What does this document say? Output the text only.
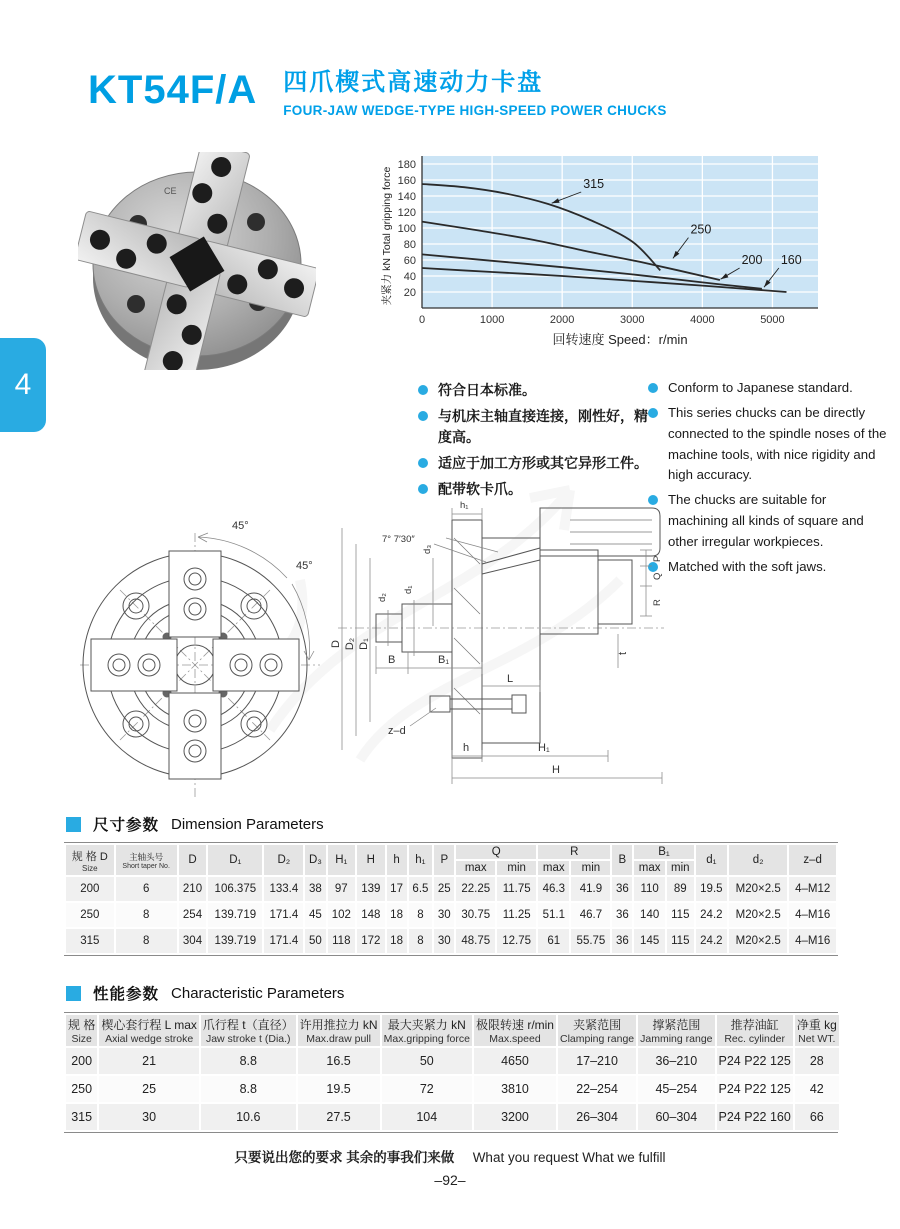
4
KT54F/A 四爪楔式高速动力卡盘
FOUR-JAW WEDGE-TYPE HIGH-SPEED POWER CHUCKS
CE
20
40
60
80
100
120
140
160
180
0	1000	2000	3000	4000	5000
315
250
200 160
夹紧力 kN Total gripping force
回转速度 Speed：r/min
符合日本标准。
与机床主轴直接连接，刚性好，精度高。
适应于加工方形或其它异形工件。
配带软卡爪。
Conform to Japanese standard.
This series chucks can be directly connected to the spindle noses of the machine tools, with nice rigidity and high accuracy.
The chucks are suitable for machining all kinds of square and other irregular workpieces.
Matched with the soft jaws.
45°
45°
D D₂ D₁
d₂
d₁
d₃
h₁
7° 7′30″
B	B₁
L
z–d
h	H₁
H
P
Q
R
t
尺寸参数 Dimension Parameters
规 格 D
Size

主轴头号
Short taper No.	D	D₁	D₂	D₃	H₁	H	h	h₁	P	Q	R	B	B₁	d₁	d₂	z–d
											max	min	max	min		max	min			
200	6	210	106.375	133.4	38	97	139	17	6.5	25	22.25	11.75	46.3	41.9	36	110	89	19.5	M20×2.5	4–M12
250	8	254	139.719	171.4	45	102	148	18	8	30	30.75	11.25	51.1	46.7	36	140	115	24.2	M20×2.5	4–M16
315	8	304	139.719	171.4	50	118	172	18	8	30	48.75	12.75	61	55.75	36	145	115	24.2	M20×2.5	4–M16
性能参数 Characteristic Parameters
规 格
Size

楔心套行程 L max
Axial wedge stroke

爪行程 t（直径）
Jaw stroke t (Dia.)

许用推拉力 kN
Max.draw pull

最大夹紧力 kN
Max.gripping force

极限转速 r/min
Max.speed

夹紧范围
Clamping range

撑紧范围
Jamming range

推荐油缸
Rec. cylinder

净重 kg
Net WT.

200	21	8.8	16.5	50	4650	17–210	36–210	P24 P22 125	28
250	25	8.8	19.5	72	3810	22–254	45–254	P24 P22 125	42
315	30	10.6	27.5	104	3200	26–304	60–304	P24 P22 160	66
只要说出您的要求 其余的事我们来做 What you request What we fulfill
–92–
